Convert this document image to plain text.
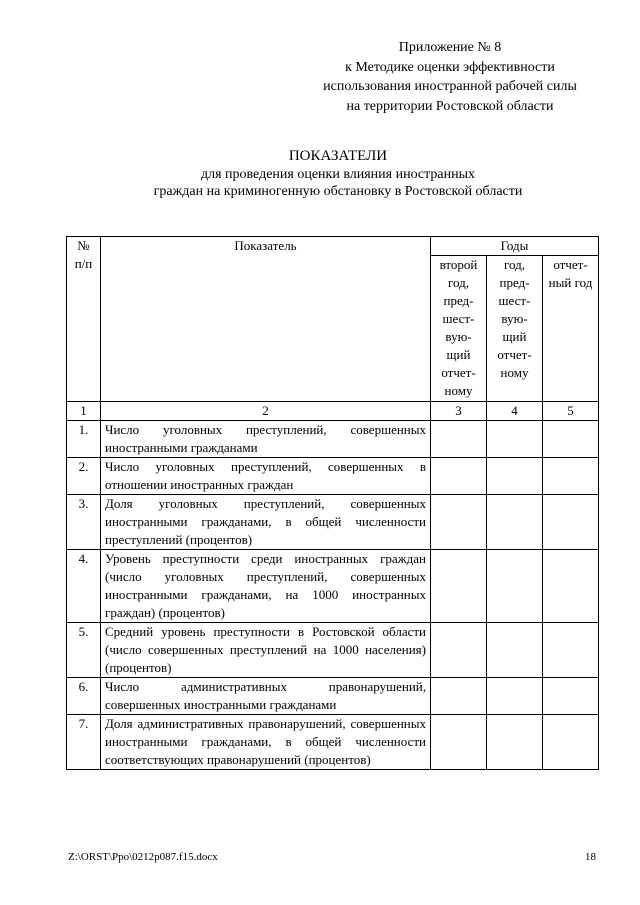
Приложение № 8
к Методике оценки эффективности
использования иностранной рабочей силы
на территории Ростовской области
ПОКАЗАТЕЛИ
для проведения оценки влияния иностранных
граждан на криминогенную обстановку в Ростовской области
№ п/п	Показатель	Годы		
		второй год, пред-шест-вую-щий отчет-ному	год, пред-шест-вую-щий отчет-ному	отчет-ный год
1	2	3	4	5
1.	Число уголовных преступлений, совершенных иностранными гражданами			
2.	Число уголовных преступлений, совершенных в отношении иностранных граждан			
3.	Доля уголовных преступлений, совершенных иностранными гражданами, в общей численности преступлений (процентов)			
4.	Уровень преступности среди иностранных граждан (число уголовных преступлений, совершенных иностранными гражданами, на 1000 иностранных граждан) (процентов)			
5.	Средний уровень преступности в Ростовской области (число совершенных преступлений на 1000 населения) (процентов)			
6.	Число административных правонарушений, совершенных иностранными гражданами			
7.	Доля административных правонарушений, совершенных иностранными гражданами, в общей численности соответствующих правонарушений (процентов)			
Z:\ORST\Ppo\0212p087.f15.docx	18
